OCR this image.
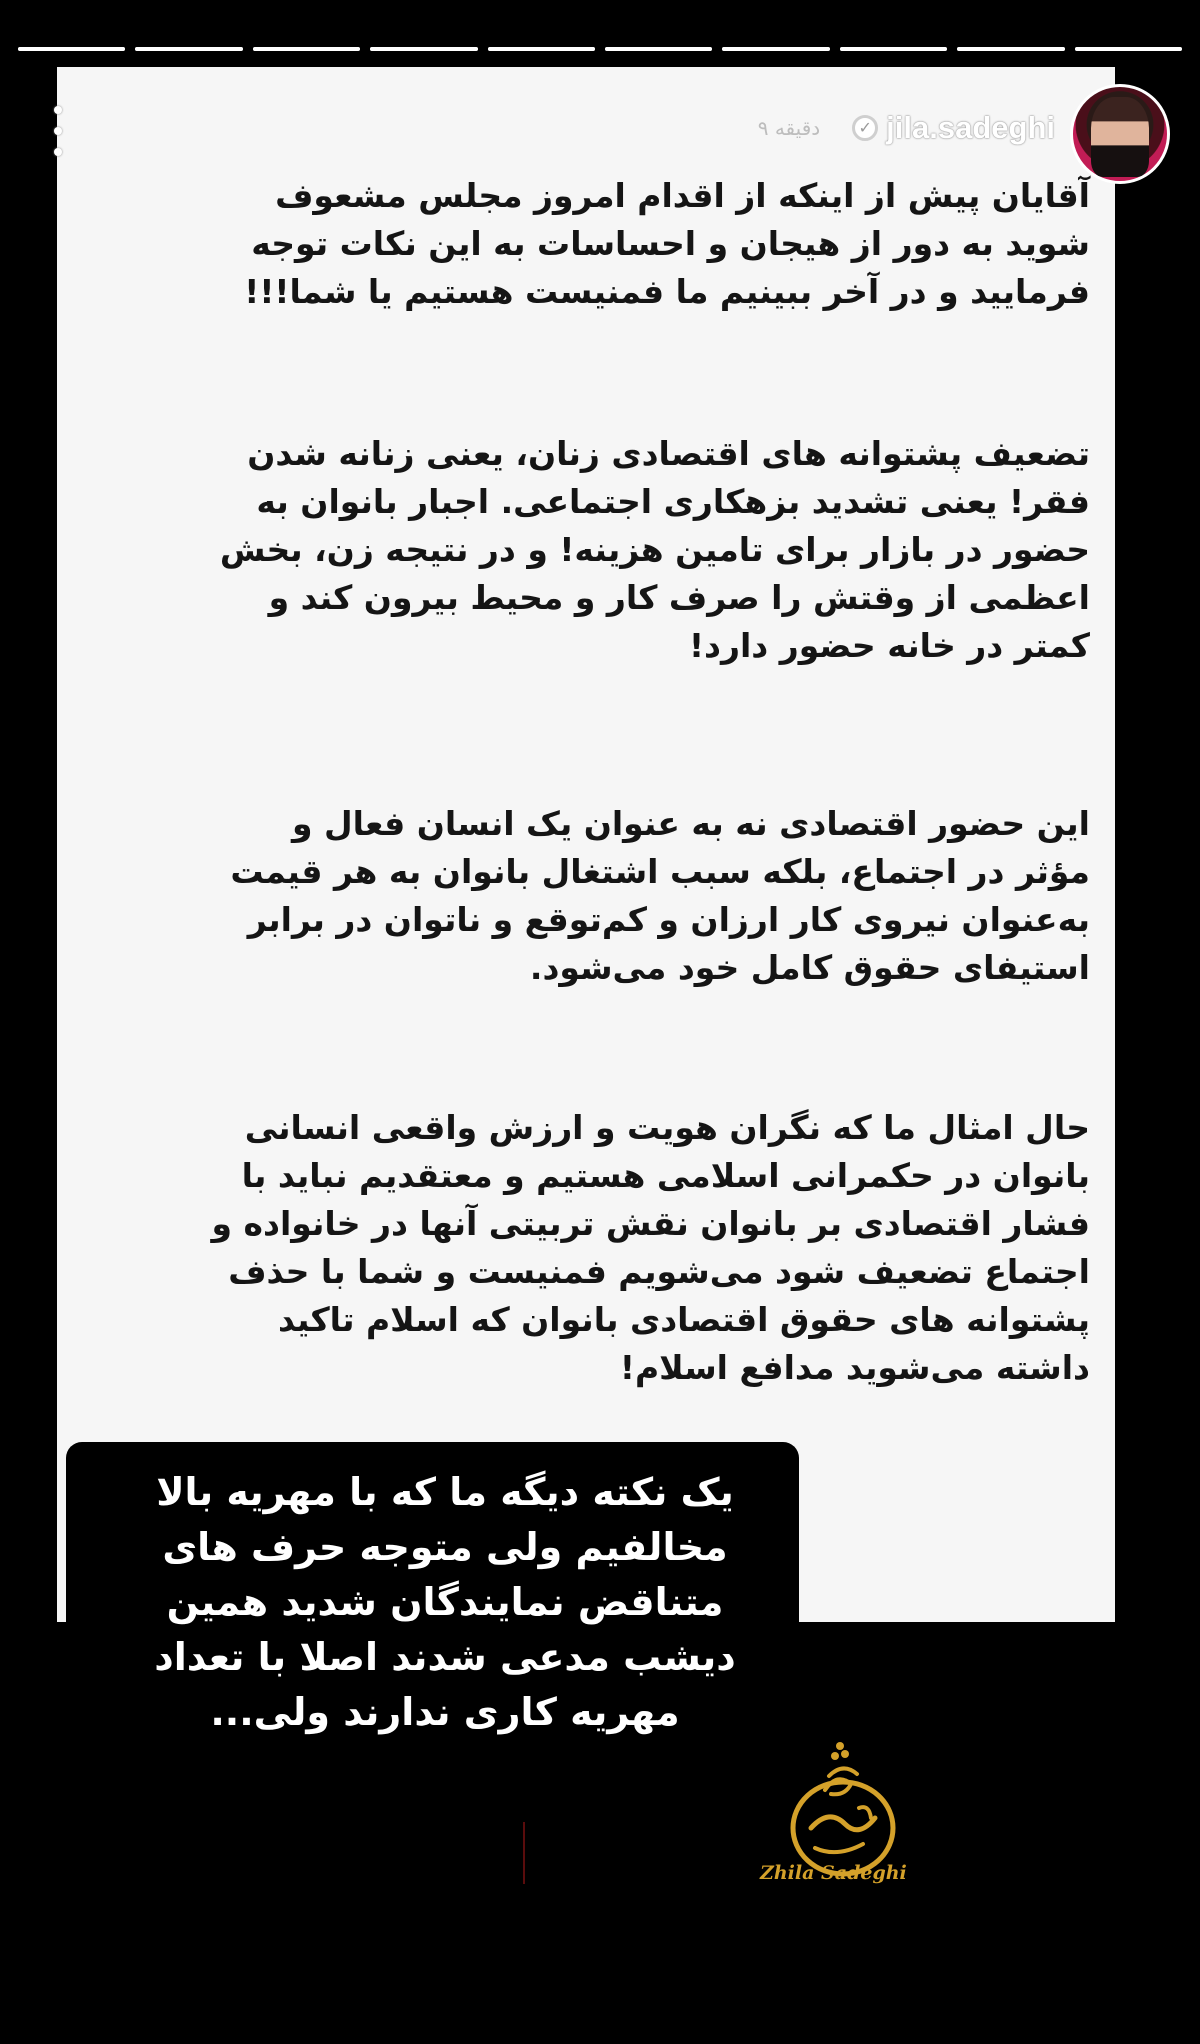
۹ دقیقه	✓ jila.sadeghi
آقایان پیش از اینکه از اقدام امروز مجلس مشعوف
شوید به دور از هیجان و احساسات به این نکات توجه
فرمایید و در آخر ببینیم ما فمنیست هستیم یا شما!!!
تضعیف پشتوانه های اقتصادی زنان، یعنی زنانه شدن
فقر! یعنی تشدید بزهکاری اجتماعی. اجبار بانوان به
حضور در بازار برای تامین هزینه! و در نتیجه زن، بخش
اعظمی از وقتش را صرف کار و محیط بیرون کند و
کمتر در خانه حضور دارد!
این حضور اقتصادی نه به عنوان یک انسان فعال و
مؤثر در اجتماع، بلکه سبب اشتغال بانوان به هر قیمت
به‌عنوان نیروی کار ارزان و کم‌توقع و ناتوان در برابر
استیفای حقوق کامل خود می‌شود.
حال امثال ما که نگران هویت و ارزش واقعی انسانی
بانوان در حکمرانی اسلامی هستیم و معتقدیم نباید با
فشار اقتصادی بر بانوان نقش تربیتی آنها در خانواده و
اجتماع تضعیف شود می‌شویم فمنیست و شما با حذف
پشتوانه های حقوق اقتصادی بانوان که اسلام تاکید
داشته می‌شوید مدافع اسلام!
یک نکته دیگه ما که با مهریه بالا
مخالفیم ولی متوجه حرف های
متناقض نمایندگان شدید همین
دیشب مدعی شدند اصلا با تعداد
مهریه کاری ندارند ولی...
Zhila Sadeghi
